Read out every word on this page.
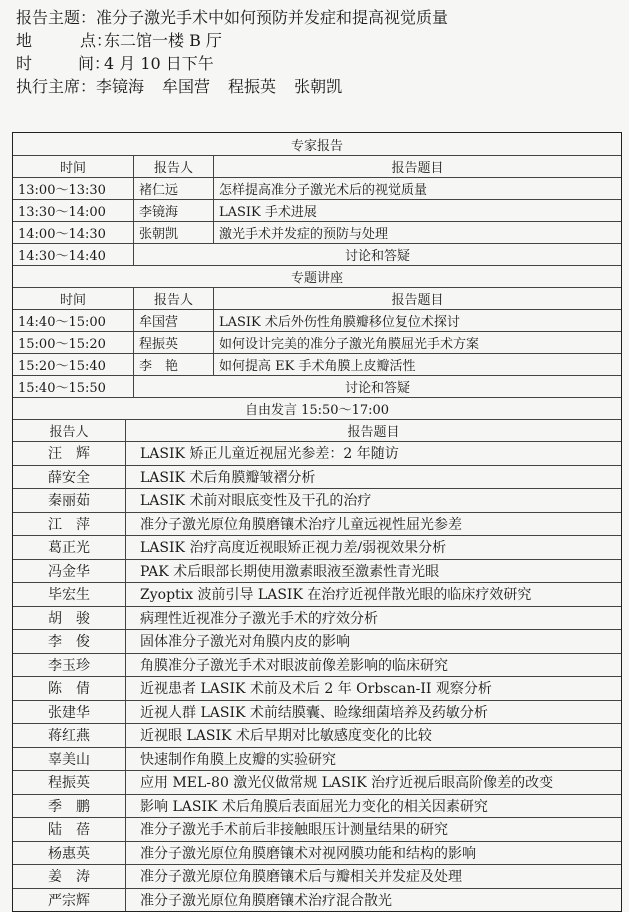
报告主题：准分子激光手术中如何预防并发症和提高视觉质量
地	点：东二馆一楼 B 厅
时	间：4 月 10 日下午
执行主席：李镜海 牟国营 程振英 张朝凯
专家报告
时间	报告人	报告题目
13:00～13:30	褚仁远	怎样提高准分子激光术后的视觉质量
13:30～14:00	李镜海	LASIK 手术进展
14:00～14:30	张朝凯	激光手术并发症的预防与处理
14:30～14:40	讨论和答疑
专题讲座
时间	报告人	报告题目
14:40～15:00	牟国营	LASIK 术后外伤性角膜瓣移位复位术探讨
15:00～15:20	程振英	如何设计完美的准分子激光角膜屈光手术方案
15:20～15:40	李　艳	如何提高 EK 手术角膜上皮瓣活性
15:40～15:50	讨论和答疑
自由发言 15:50～17:00
报告人	报告题目
汪　辉	LASIK 矫正儿童近视屈光参差：2 年随访
薛安全	LASIK 术后角膜瓣皱褶分析
秦丽茹	LASIK 术前对眼底变性及干孔的治疗
江　萍	准分子激光原位角膜磨镶术治疗儿童远视性屈光参差
葛正光	LASIK 治疗高度近视眼矫正视力差/弱视效果分析
冯金华	PAK 术后眼部长期使用激素眼液至激素性青光眼
毕宏生	Zyoptix 波前引导 LASIK 在治疗近视伴散光眼的临床疗效研究
胡　骏	病理性近视准分子激光手术的疗效分析
李　俊	固体准分子激光对角膜内皮的影响
李玉珍	角膜准分子激光手术对眼波前像差影响的临床研究
陈　倩	近视患者 LASIK 术前及术后 2 年 Orbscan-II 观察分析
张建华	近视人群 LASIK 术前结膜囊、睑缘细菌培养及药敏分析
蒋红燕	近视眼 LASIK 术后早期对比敏感度变化的比较
辜美山	快速制作角膜上皮瓣的实验研究
程振英	应用 MEL-80 激光仪做常规 LASIK 治疗近视后眼高阶像差的改变
季　鹏	影响 LASIK 术后角膜后表面屈光力变化的相关因素研究
陆　蓓	准分子激光手术前后非接触眼压计测量结果的研究
杨惠英	准分子激光原位角膜磨镶术对视网膜功能和结构的影响
姜　涛	准分子激光原位角膜磨镶术后与瓣相关并发症及处理
严宗辉	准分子激光原位角膜磨镶术治疗混合散光
